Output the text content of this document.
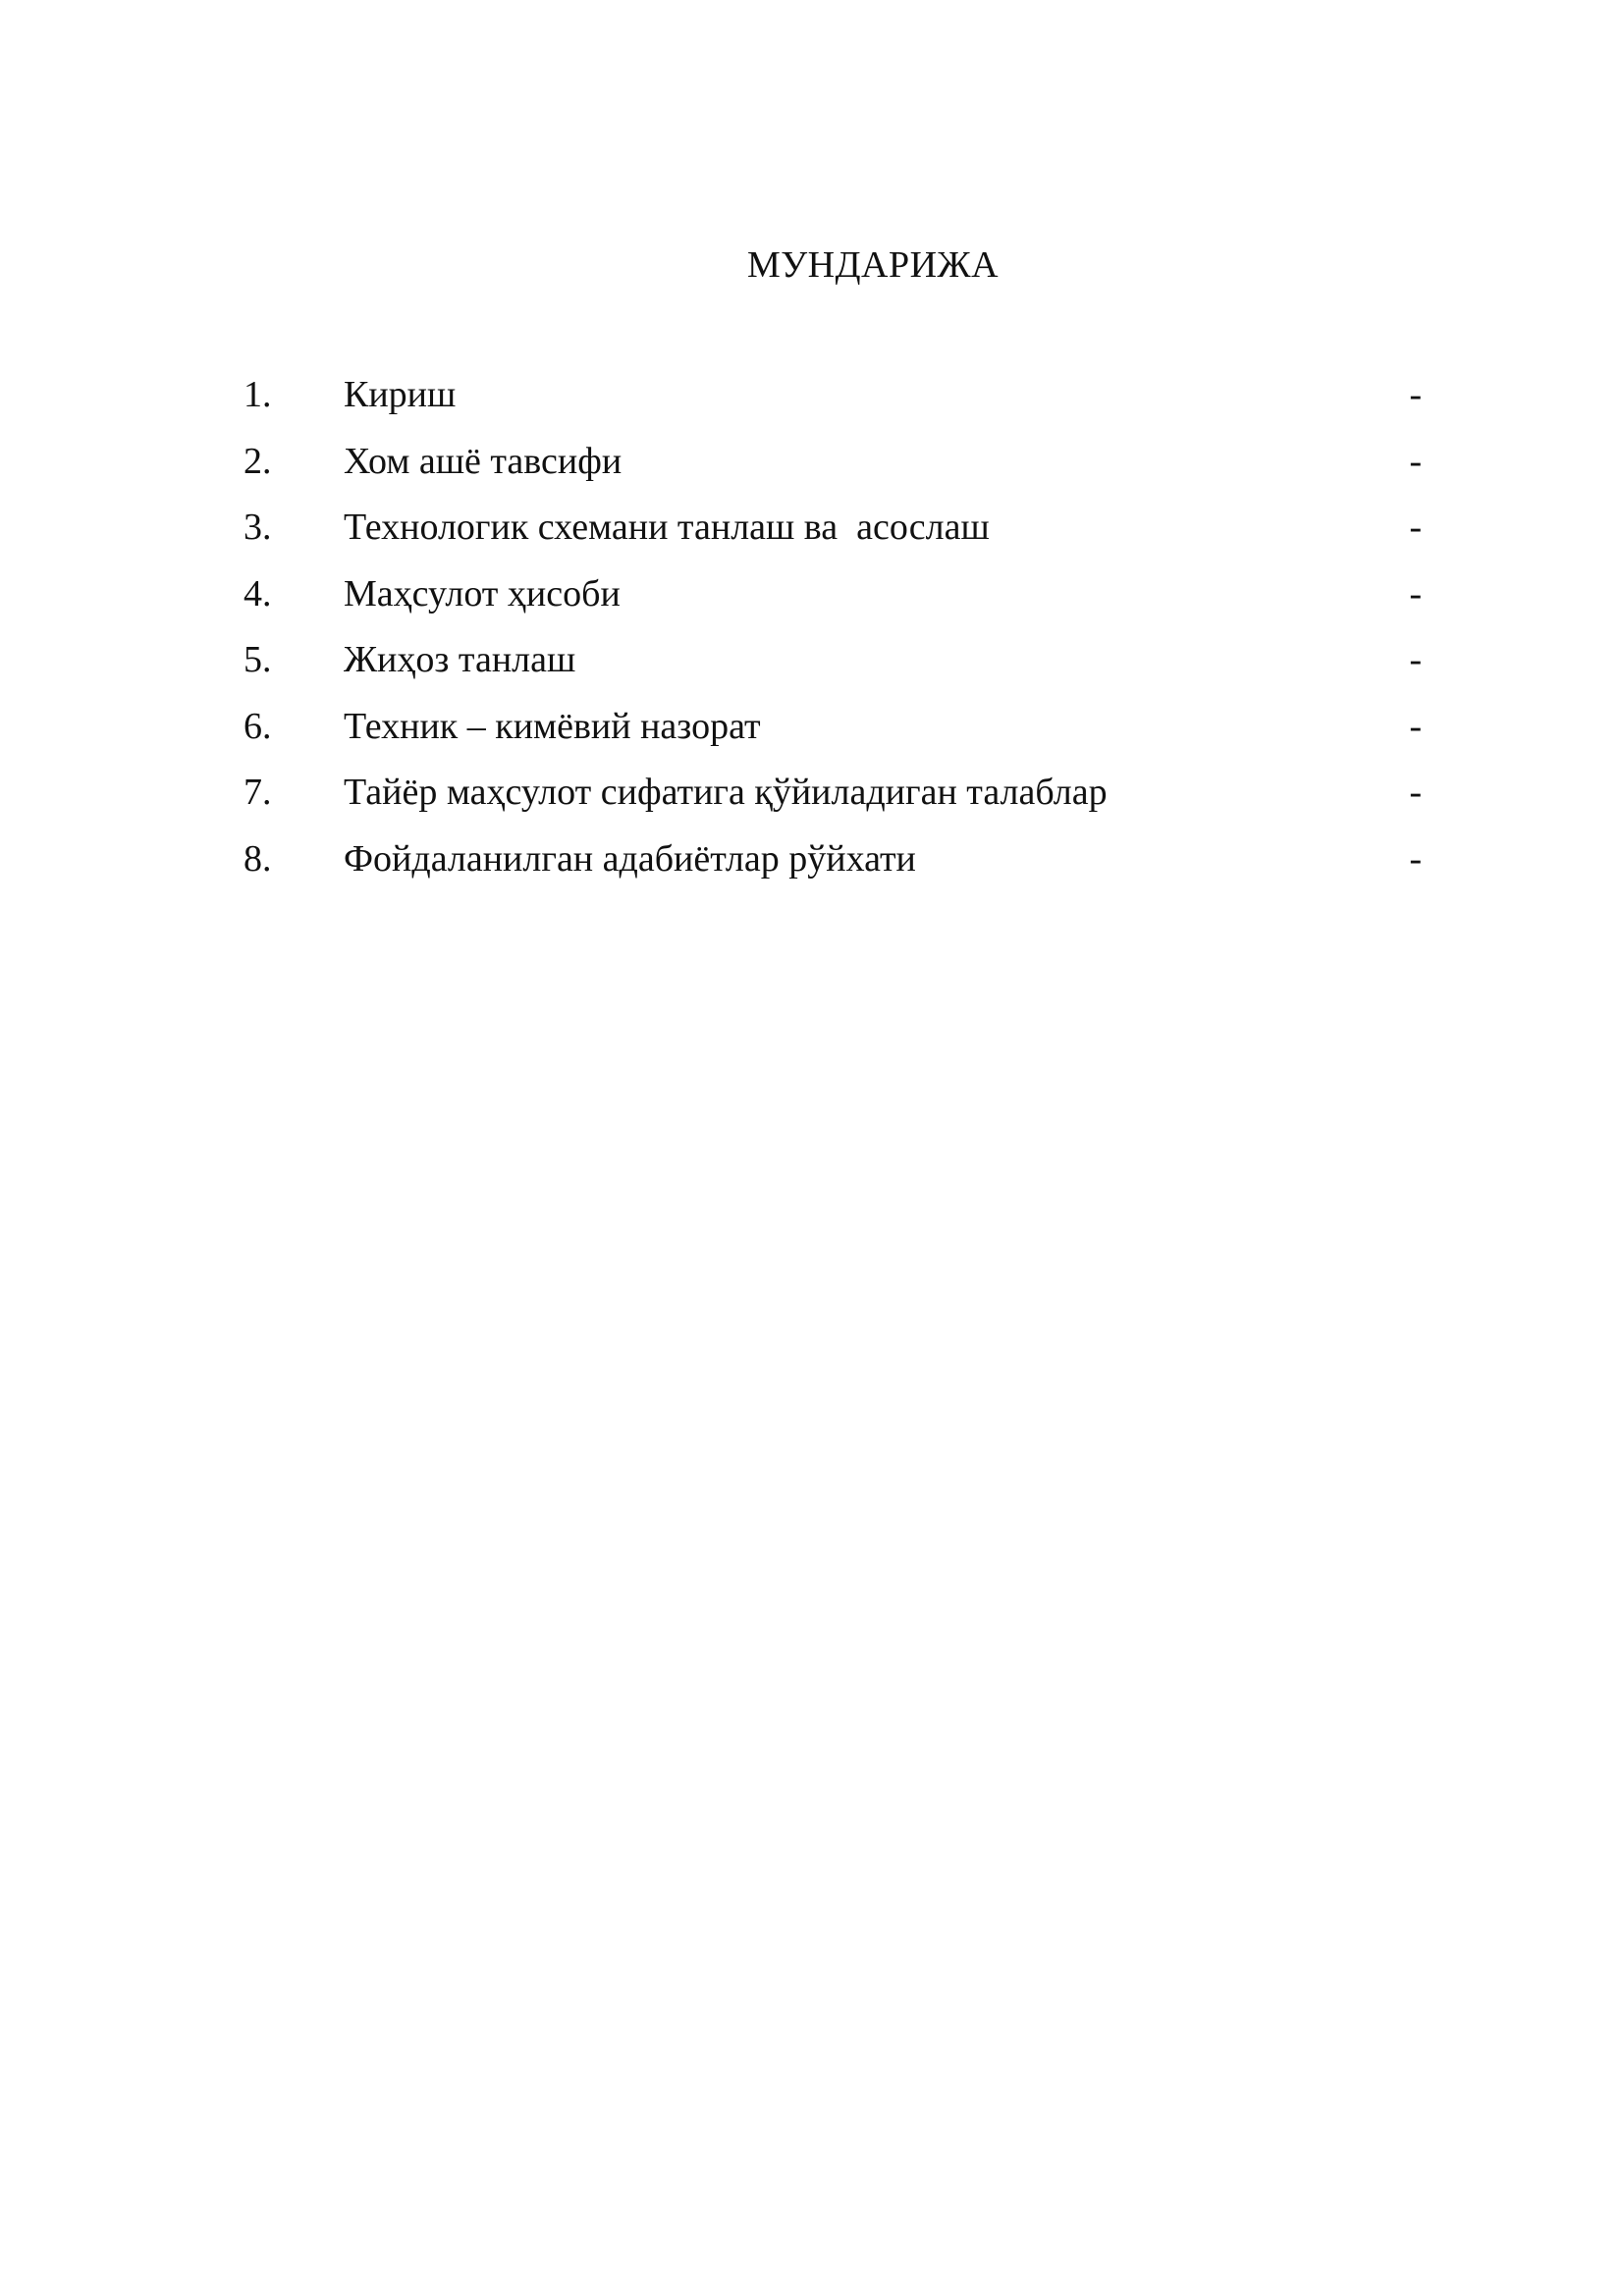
МУНДАРИЖА
1. Кириш	-
2. Хом ашё тавсифи	-
3. Технологик схемани танлаш ва  асослаш	-
4. Маҳсулот ҳисоби	-
5. Жиҳоз танлаш	-
6. Техник – кимёвий назорат	-
7. Тайёр маҳсулот сифатига қўйиладиган талаблар	-
8. Фойдаланилган адабиётлар рўйхати	-
